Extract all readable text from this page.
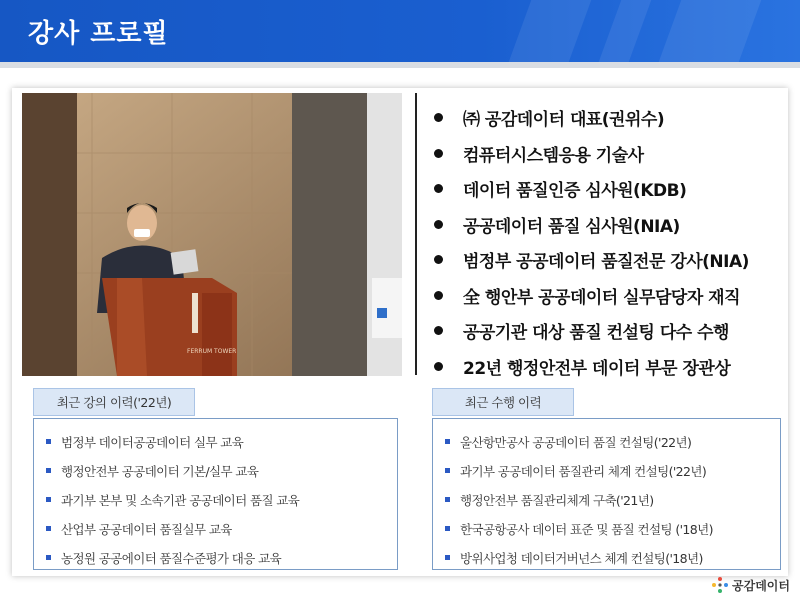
강사 프로필
FERRUM TOWER
㈜ 공감데이터 대표(권위수)
컴퓨터시스템응용 기술사
데이터 품질인증 심사원(KDB)
공공데이터 품질 심사원(NIA)
범정부 공공데이터 품질전문 강사(NIA)
全 행안부 공공데이터 실무담당자 재직
공공기관 대상 품질 컨설팅 다수 수행
22년 행정안전부 데이터 부문 장관상
최근 강의 이력('22년)
범정부 데이터공공데이터 실무 교육
행정안전부 공공데이터 기본/실무 교육
과기부 본부 및 소속기관 공공데이터 품질 교육
산업부 공공데이터 품질실무 교육
농정원 공공에이터 품질수준평가 대응 교육
최근 수행 이력
울산항만공사 공공데이터 품질 컨설팅('22년)
과기부 공공데이터 품질관리 체계 컨설팅('22년)
행정안전부 품질관리체계 구축('21년)
한국공항공사 데이터 표준 및 품질 컨설팅 ('18년)
방위사업청 데이터거버넌스 체계 컨설팅('18년)
공감데이터
